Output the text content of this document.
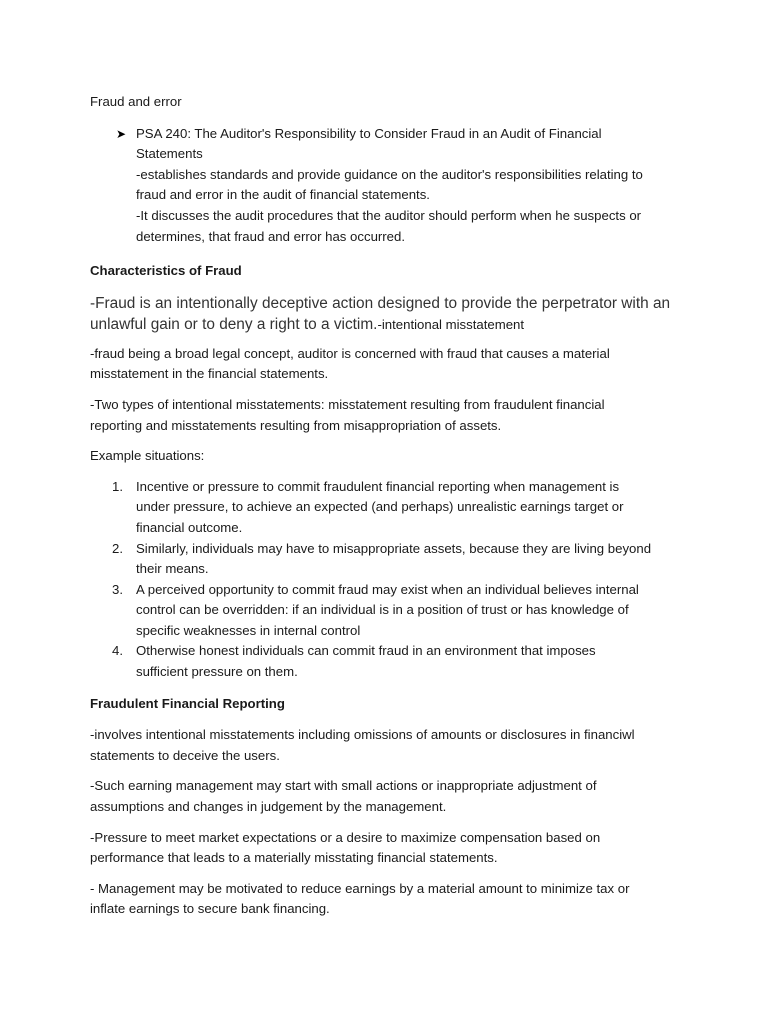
Fraud and error
➤ PSA 240: The Auditor's Responsibility to Consider Fraud in an Audit of Financial
Statements
-establishes standards and provide guidance on the auditor's responsibilities relating to
fraud and error in the audit of financial statements.
-It discusses the audit procedures that the auditor should perform when he suspects or
determines, that fraud and error has occurred.
Characteristics of Fraud
-Fraud is an intentionally deceptive action designed to provide the perpetrator with an
unlawful gain or to deny a right to a victim.-intentional misstatement
-fraud being a broad legal concept, auditor is concerned with fraud that causes a material
misstatement in the financial statements.
-Two types of intentional misstatements: misstatement resulting from fraudulent financial
reporting and misstatements resulting from misappropriation of assets.
Example situations:
1. Incentive or pressure to commit fraudulent financial reporting when management is
under pressure, to achieve an expected (and perhaps) unrealistic earnings target or
financial outcome.
2. Similarly, individuals may have to misappropriate assets, because they are living beyond
their means.
3. A perceived opportunity to commit fraud may exist when an individual believes internal
control can be overridden: if an individual is in a position of trust or has knowledge of
specific weaknesses in internal control
4. Otherwise honest individuals can commit fraud in an environment that imposes
sufficient pressure on them.
Fraudulent Financial Reporting
-involves intentional misstatements including omissions of amounts or disclosures in financiwl
statements to deceive the users.
-Such earning management may start with small actions or inappropriate adjustment of
assumptions and changes in judgement by the management.
-Pressure to meet market expectations or a desire to maximize compensation based on
performance that leads to a materially misstating financial statements.
- Management may be motivated to reduce earnings by a material amount to minimize tax or
inflate earnings to secure bank financing.
